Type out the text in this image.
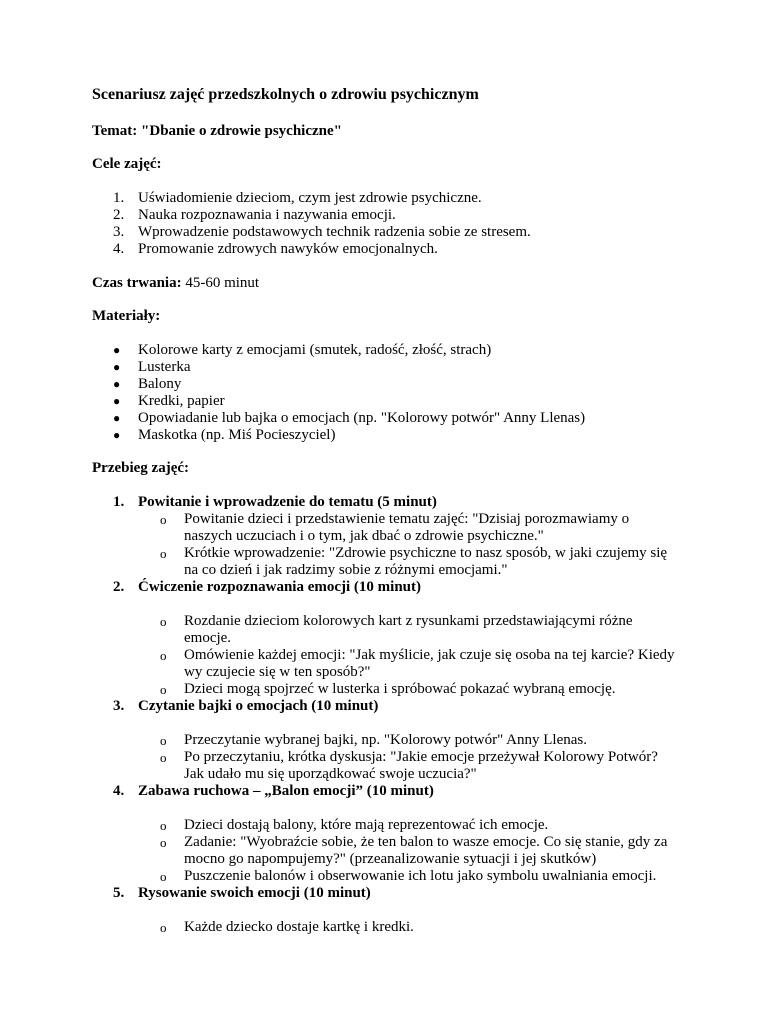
Scenariusz zajęć przedszkolnych o zdrowiu psychicznym
Temat: "Dbanie o zdrowie psychiczne"
Cele zajęć:
1. Uświadomienie dzieciom, czym jest zdrowie psychiczne.
2. Nauka rozpoznawania i nazywania emocji.
3. Wprowadzenie podstawowych technik radzenia sobie ze stresem.
4. Promowanie zdrowych nawyków emocjonalnych.
Czas trwania: 45-60 minut
Materiały:
● Kolorowe karty z emocjami (smutek, radość, złość, strach)
● Lusterka
● Balony
● Kredki, papier
● Opowiadanie lub bajka o emocjach (np. "Kolorowy potwór" Anny Llenas)
● Maskotka (np. Miś Pocieszyciel)
Przebieg zajęć:
1. Powitanie i wprowadzenie do tematu (5 minut)
o Powitanie dzieci i przedstawienie tematu zajęć: "Dzisiaj porozmawiamy o naszych uczuciach i o tym, jak dbać o zdrowie psychiczne."
o Krótkie wprowadzenie: "Zdrowie psychiczne to nasz sposób, w jaki czujemy się na co dzień i jak radzimy sobie z różnymi emocjami."
2. Ćwiczenie rozpoznawania emocji (10 minut)
o Rozdanie dzieciom kolorowych kart z rysunkami przedstawiającymi różne emocje.
o Omówienie każdej emocji: "Jak myślicie, jak czuje się osoba na tej karcie? Kiedy wy czujecie się w ten sposób?"
o Dzieci mogą spojrzeć w lusterka i spróbować pokazać wybraną emocję.
3. Czytanie bajki o emocjach (10 minut)
o Przeczytanie wybranej bajki, np. "Kolorowy potwór" Anny Llenas.
o Po przeczytaniu, krótka dyskusja: "Jakie emocje przeżywał Kolorowy Potwór? Jak udało mu się uporządkować swoje uczucia?"
4. Zabawa ruchowa – „Balon emocji” (10 minut)
o Dzieci dostają balony, które mają reprezentować ich emocje.
o Zadanie: "Wyobraźcie sobie, że ten balon to wasze emocje. Co się stanie, gdy za mocno go napompujemy?" (przeanalizowanie sytuacji i jej skutków)
o Puszczenie balonów i obserwowanie ich lotu jako symbolu uwalniania emocji.
5. Rysowanie swoich emocji (10 minut)
o Każde dziecko dostaje kartkę i kredki.
